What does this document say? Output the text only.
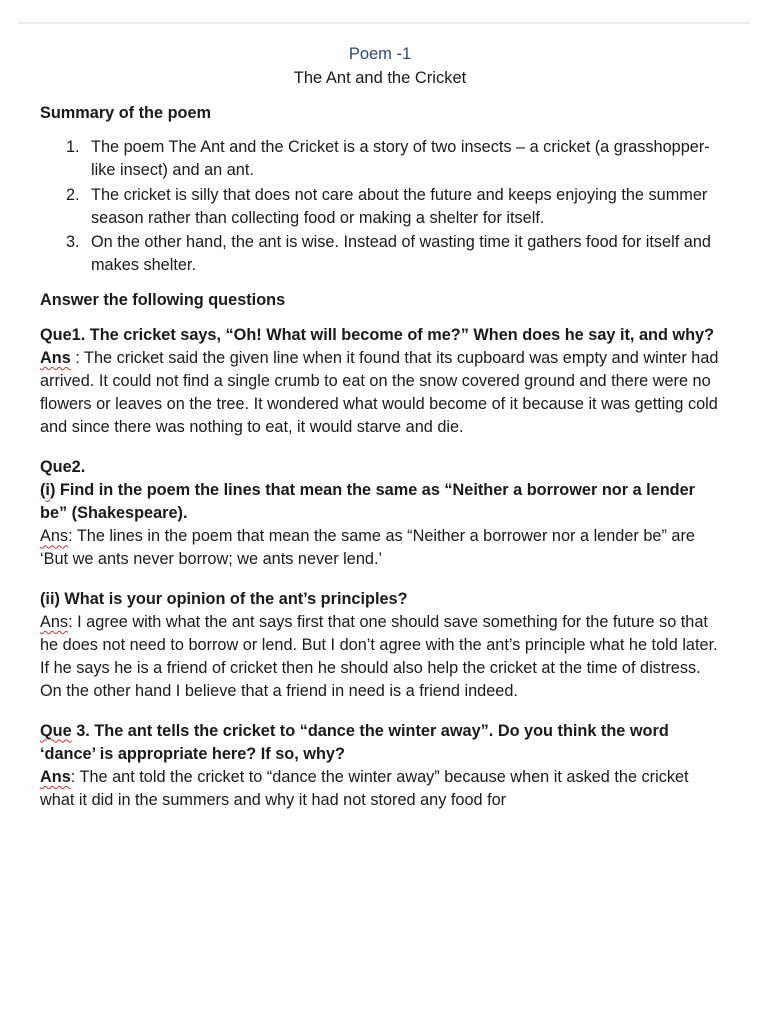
Poem -1

The Ant and the Cricket

Summary of the poem

1. The poem The Ant and the Cricket is a story of two insects – a cricket (a grasshopper-like insect) and an ant.
2. The cricket is silly that does not care about the future and keeps enjoying the summer season rather than collecting food or making a shelter for itself.
3. On the other hand, the ant is wise. Instead of wasting time it gathers food for itself and makes shelter.

Answer the following questions

Que1. The cricket says, “Oh! What will become of me?” When does he say it, and why?

Ans : The cricket said the given line when it found that its cupboard was empty and winter had arrived. It could not find a single crumb to eat on the snow covered ground and there were no flowers or leaves on the tree. It wondered what would become of it because it was getting cold and since there was nothing to eat, it would starve and die.

Que2.

(i) Find in the poem the lines that mean the same as “Neither a borrower nor a lender be” (Shakespeare).

Ans: The lines in the poem that mean the same as “Neither a borrower nor a lender be” are ‘But we ants never borrow; we ants never lend.’

(ii) What is your opinion of the ant’s principles?

Ans: I agree with what the ant says first that one should save something for the future so that he does not need to borrow or lend. But I don’t agree with the ant’s principle what he told later. If he says he is a friend of cricket then he should also help the cricket at the time of distress. On the other hand I believe that a friend in need is a friend indeed.

Que 3. The ant tells the cricket to “dance the winter away”. Do you think the word ‘dance’ is appropriate here? If so, why?

Ans: The ant told the cricket to “dance the winter away” because when it asked the cricket what it did in the summers and why it had not stored any food for
